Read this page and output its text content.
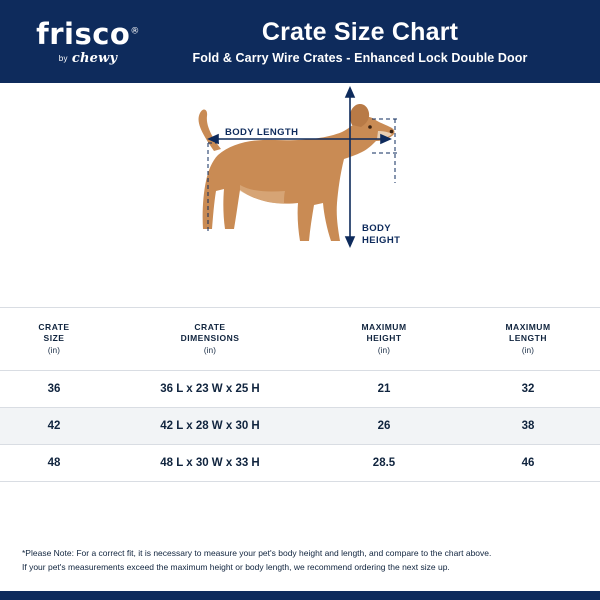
frisco®
by chewy
Crate Size Chart
Fold & Carry Wire Crates - Enhanced Lock Double Door
BODY LENGTH
BODY
HEIGHT
CRATE
SIZE
(in)	CRATE
DIMENSIONS
(in)	MAXIMUM
HEIGHT
(in)	MAXIMUM
LENGTH
(in)
36	36 L x 23 W x 25 H	21	32
42	42 L x 28 W x 30 H	26	38
48	48 L x 30 W x 33 H	28.5	46
*Please Note: For a correct fit, it is necessary to measure your pet's body height and length, and compare to the chart above.
If your pet's measurements exceed the maximum height or body length, we recommend ordering the next size up.
